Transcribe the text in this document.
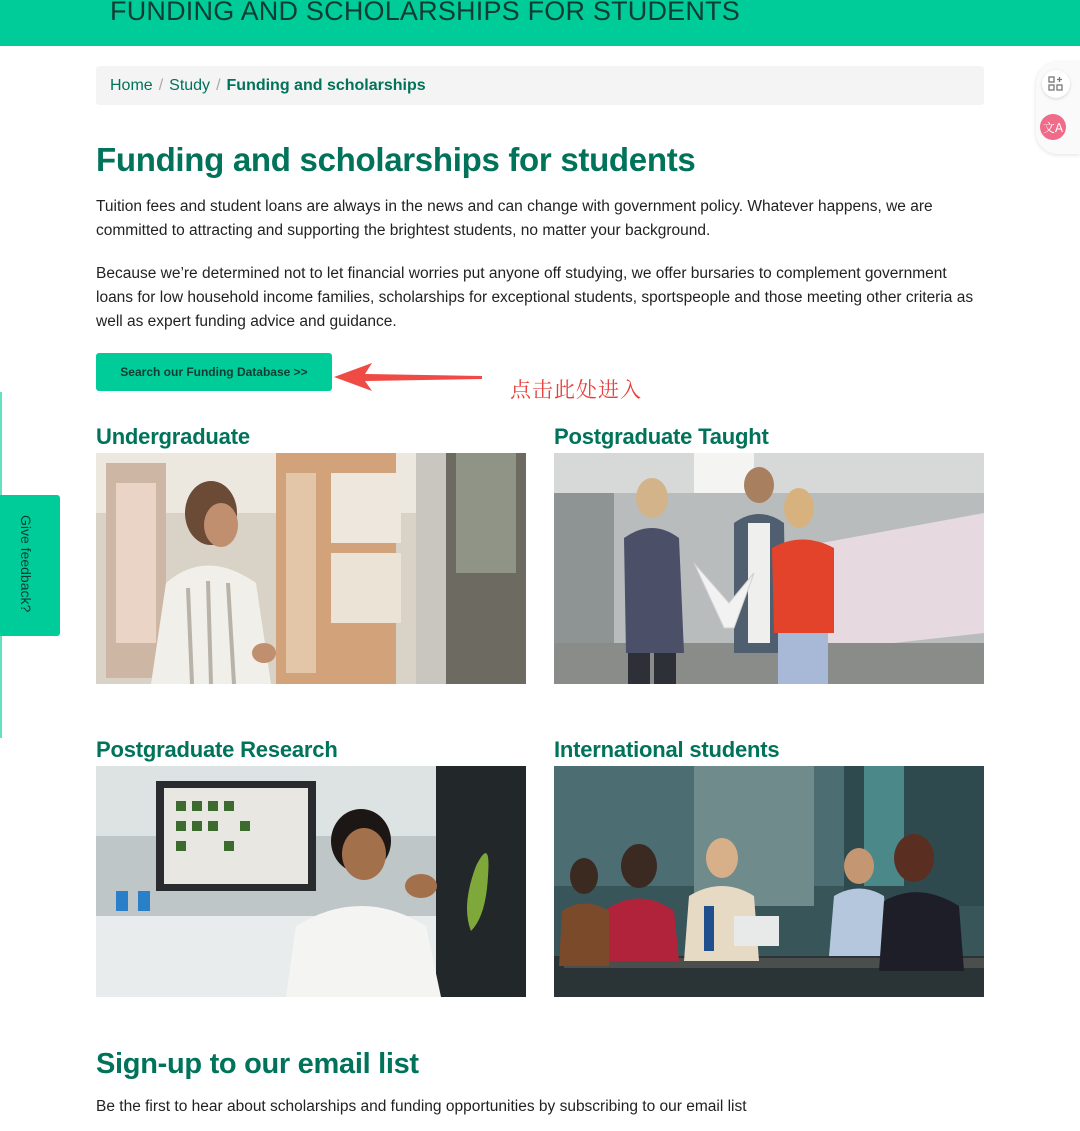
FUNDING AND SCHOLARSHIPS FOR STUDENTS
Home / Study / Funding and scholarships
Funding and scholarships for students

Tuition fees and student loans are always in the news and can change with government policy. Whatever happens, we are committed to attracting and supporting the brightest students, no matter your background.

Because we’re determined not to let financial worries put anyone off studying, we offer bursaries to complement government loans for low household income families, scholarships for exceptional students, sportspeople and those meeting other criteria as well as expert funding advice and guidance.

Search our Funding Database >>
点击此处进入
Undergraduate	Postgraduate Taught
Postgraduate Research	International students
Give feedback?
文A
Sign-up to our email list

Be the first to hear about scholarships and funding opportunities by subscribing to our email list
